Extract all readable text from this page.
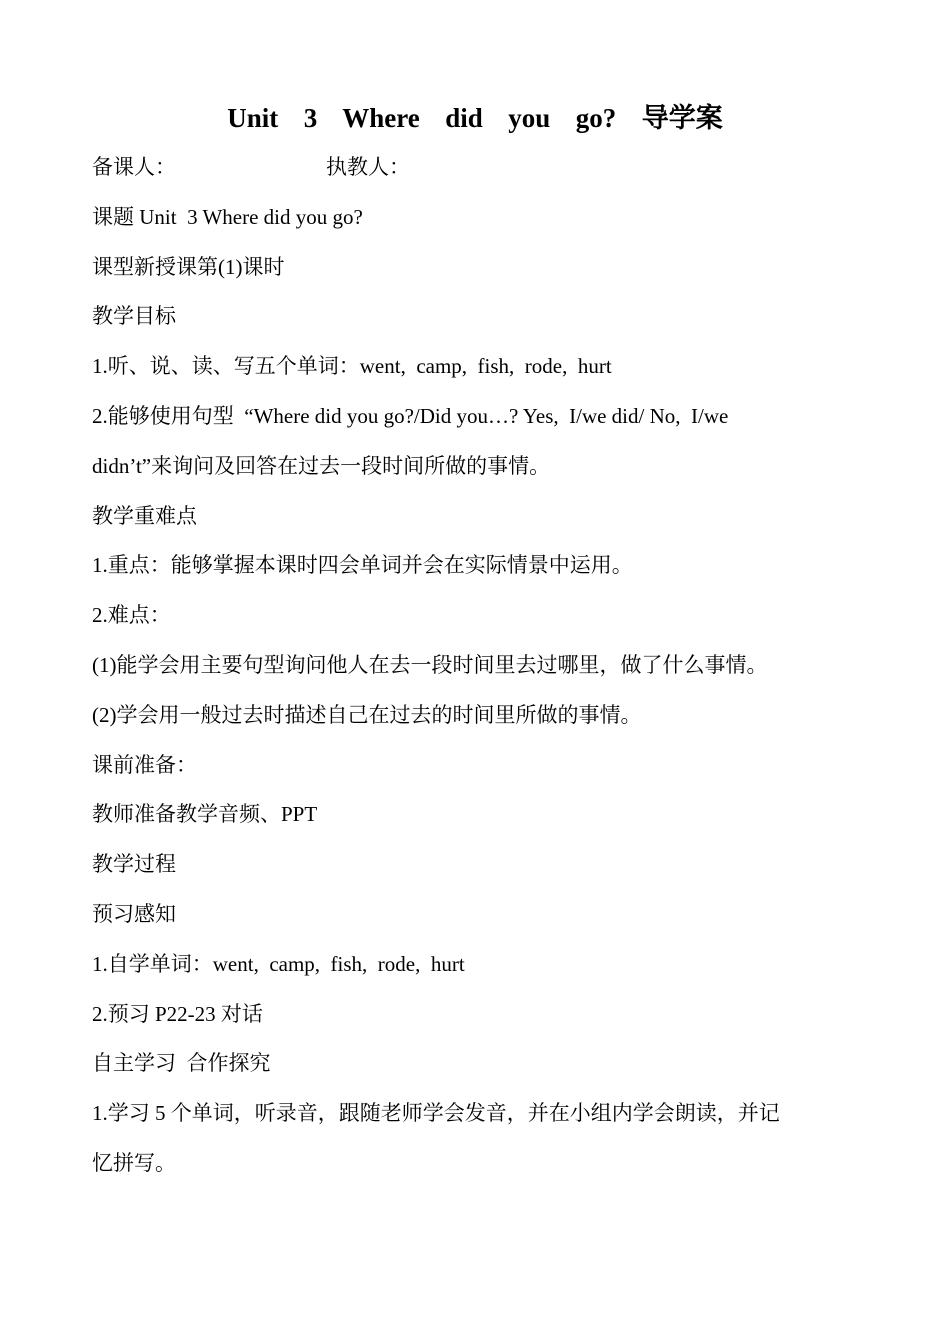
Unit  3  Where  did  you  go?  导学案
备课人：	执教人：
课题 Unit  3 Where did you go?
课型新授课第(1)课时
教学目标
1.听、说、读、写五个单词：went,  camp,  fish,  rode,  hurt
2.能够使用句型  “Where did you go?/Did you…? Yes,  I/we did/ No,  I/we
didn’t”来询问及回答在过去一段时间所做的事情。
教学重难点
1.重点：能够掌握本课时四会单词并会在实际情景中运用。
2.难点：
(1)能学会用主要句型询问他人在去一段时间里去过哪里，做了什么事情。
(2)学会用一般过去时描述自己在过去的时间里所做的事情。
课前准备：
教师准备教学音频、PPT
教学过程
预习感知
1.自学单词：went,  camp,  fish,  rode,  hurt
2.预习 P22-23 对话
自主学习  合作探究
1.学习 5 个单词，听录音，跟随老师学会发音，并在小组内学会朗读，并记
忆拼写。
